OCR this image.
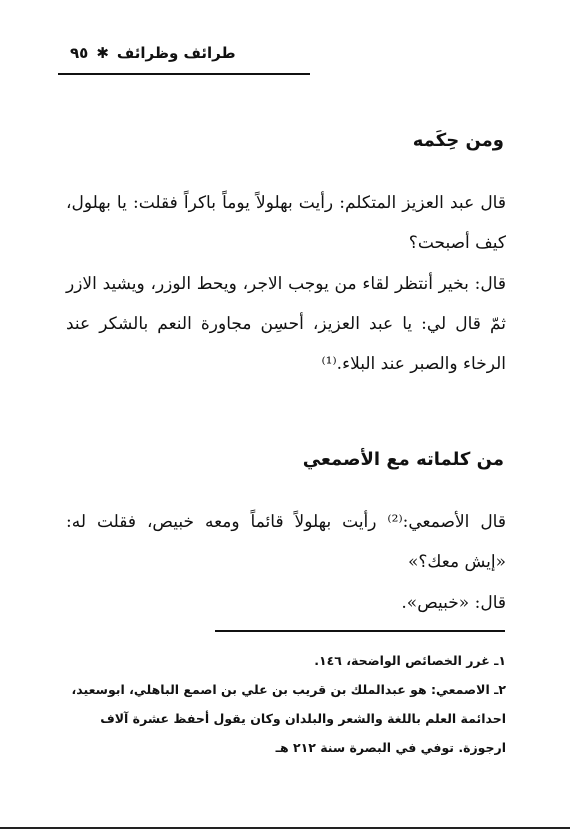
طرائف وظرائف
✱
٩٥
ومن حِكَمه
قال عبد العزيز المتكلم: رأيت بهلولاً يوماً باكراً فقلت: يا بهلول، كيف أصبحت؟
قال: بخير أنتظر لقاء من يوجب الاجر، ويحط الوزر، ويشيد الازر ثمّ قال لي: يا عبد العزيز، أحسِن مجاورة النعم بالشكر عند الرخاء والصبر عند البلاء.⁽¹⁾
من كلماته مع الأصمعي
قال الأصمعي:⁽²⁾ رأيت بهلولاً قائماً ومعه خبيص، فقلت له: «إيش معك؟»
قال: «خبيص».

١ـ غرر الخصائص الواضحة، ١٤٦.

٢ـ الاصمعي: هو عبدالملك بن قريب بن علي بن اصمع الباهلي، ابوسعيد، احدائمة العلم باللغة والشعر والبلدان وكان يقول أحفظ عشرة آلاف ارجوزة. توفي في البصرة سنة ٢١٢ هـ
